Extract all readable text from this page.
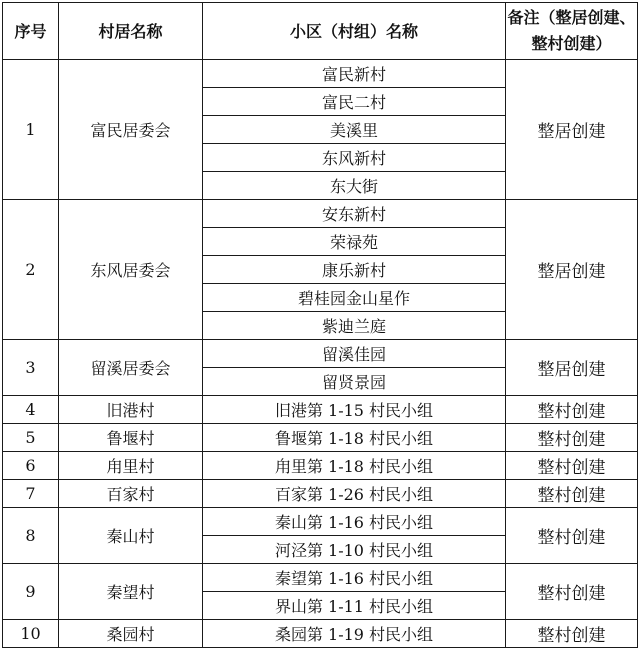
序号	村居名称	小区（村组）名称	备注（整居创建、整村创建）
1	富民居委会	富民新村	整居创建
		富民二村	
		美溪里	
		东风新村	
		东大街	
2	东风居委会	安东新村	整居创建
		荣禄苑	
		康乐新村	
		碧桂园金山星作	
		紫迪兰庭	
3	留溪居委会	留溪佳园	整居创建
		留贤景园	
4	旧港村	旧港第 1-15 村民小组	整村创建
5	鲁堰村	鲁堰第 1-18 村民小组	整村创建
6	甪里村	甪里第 1-18 村民小组	整村创建
7	百家村	百家第 1-26 村民小组	整村创建
8	秦山村	秦山第 1-16 村民小组	整村创建
		河泾第 1-10 村民小组	
9	秦望村	秦望第 1-16 村民小组	整村创建
		界山第 1-11 村民小组	
10	桑园村	桑园第 1-19 村民小组	整村创建
